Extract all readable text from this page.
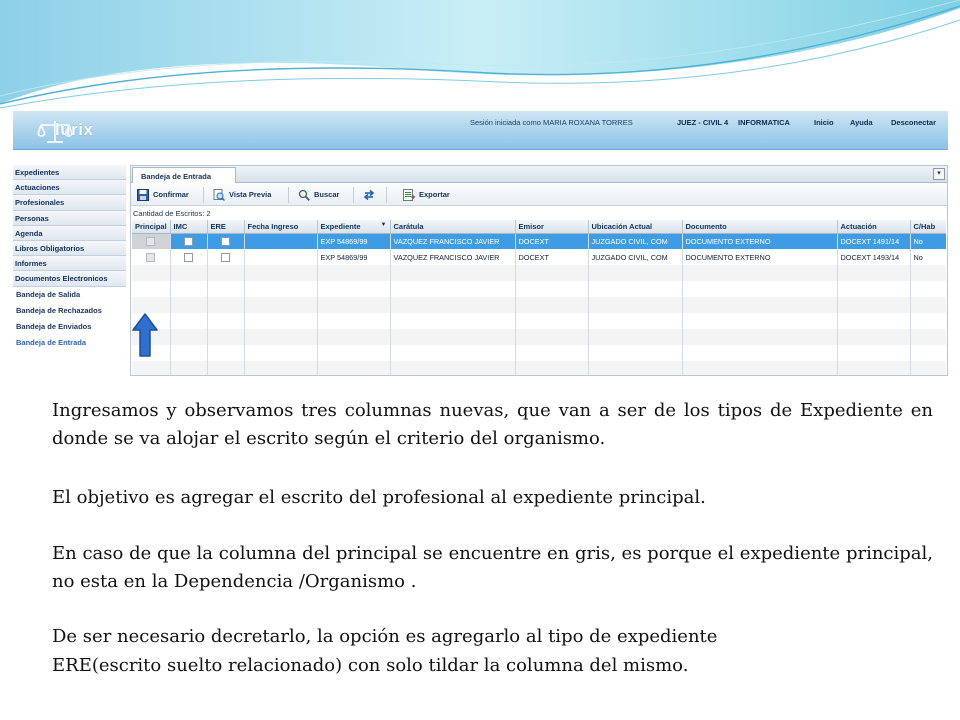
lurix	Sesión iniciada como MARIA ROXANA TORRES	JUEZ - CIVIL 4 INFORMATICA	Inicio Ayuda Desconectar
Expedientes
Actuaciones
Profesionales
Personas
Agenda
Libros Obligatorios
Informes
Documentos Electronicos
Bandeja de Salida
Bandeja de Rechazados
Bandeja de Enviados
Bandeja de Entrada
Bandeja de Entrada	▾
Confirmar	Vista Previa	Buscar	Exportar
Cantidad de Escritos: 2
Principal	IMC	ERE	Fecha Ingreso	Expediente ▼	Carátula	Emisor	Ubicación Actual	Documento	Actuación	C/Hab
				EXP 54869/99	VAZQUEZ FRANCISCO JAVIER	DOCEXT	JUZGADO CIVIL, COM	DOCUMENTO EXTERNO	DOCEXT 1491/14	No
				EXP 54869/99	VAZQUEZ FRANCISCO JAVIER	DOCEXT	JUZGADO CIVIL, COM	DOCUMENTO EXTERNO	DOCEXT 1493/14	No

Ingresamos y observamos tres columnas nuevas, que van a ser de los tipos de Expediente en donde se va alojar el escrito según el criterio del organismo.
El objetivo es agregar el escrito del profesional al expediente principal.
En caso de que la columna del principal se encuentre en gris, es porque el expediente principal, no esta en la Dependencia /Organismo .
De ser necesario decretarlo, la opción es agregarlo al tipo de expediente
ERE(escrito suelto relacionado) con solo tildar la columna del mismo.
